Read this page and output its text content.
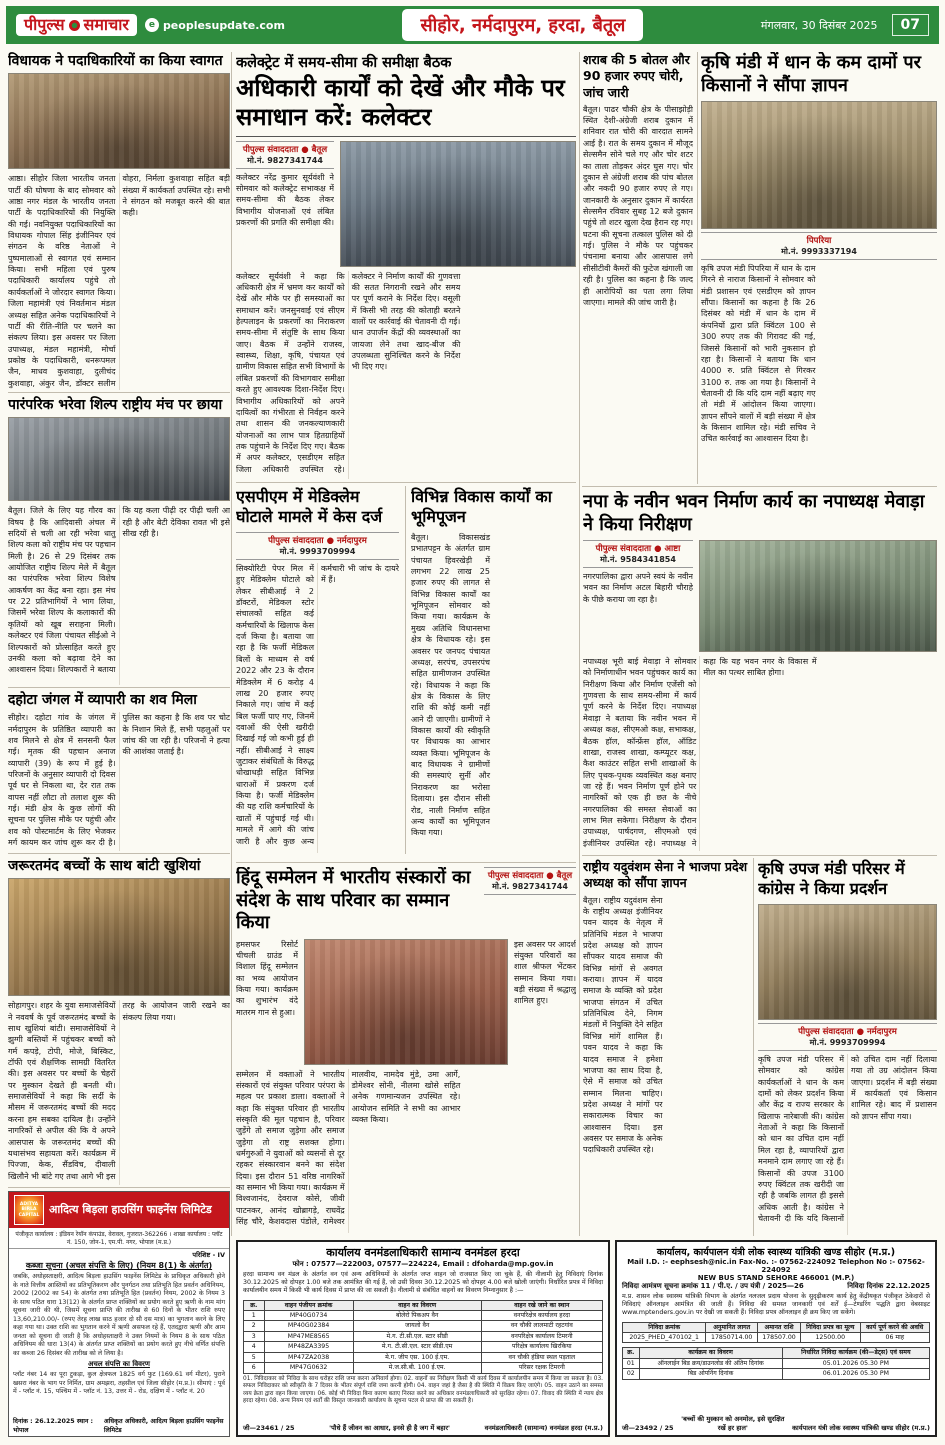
पीपुल्स समाचार	e peoplesupdate.com	सीहोर, नर्मदापुरम, हरदा, बैतूल	मंगलवार, 30 दिसंबर 2025	07
विधायक ने पदाधिकारियों का किया स्वागत
आष्ठा। सीहोर जिला भारतीय जनता पार्टी की घोषणा के बाद सोमवार को आष्ठा नगर मंडल के भारतीय जनता पार्टी के पदाधिकारियों की नियुक्ति की गई। नवनियुक्त पदाधिकारियों का विधायक गोपाल सिंह इंजीनियर एवं संगठन के वरिष्ठ नेताओं ने पुष्पमालाओं से स्वागत एवं सम्मान किया। सभी महिला एवं पुरुष पदाधिकारी कार्यालय पहुंचे तो कार्यकर्ताओं ने जोरदार स्वागत किया। जिला महामंत्री एवं निवर्तमान मंडल अध्यक्ष सहित अनेक पदाधिकारियों ने पार्टी की रीति-नीति पर चलने का संकल्प लिया। इस अवसर पर जिला उपाध्यक्ष, मंडल महामंत्री, मोर्चा प्रकोष्ठ के पदाधिकारी, धनरूपमल जैन, माधव कुशवाहा, दुलीचंद कुशवाहा, अंकुर जैन, डॉक्टर सलीम वोहरा, निर्मला कुशवाहा सहित बड़ी संख्या में कार्यकर्ता उपस्थित रहे। सभी ने संगठन को मजबूत करने की बात कही।
पारंपरिक भरेवा शिल्प राष्ट्रीय मंच पर छाया
बैतूल। जिले के लिए यह गौरव का विषय है कि आदिवासी अंचल में सदियों से चली आ रही भरेवा धातु शिल्प कला को राष्ट्रीय मंच पर पहचान मिली है। 26 से 29 दिसंबर तक आयोजित राष्ट्रीय शिल्प मेले में बैतूल का पारंपरिक भरेवा शिल्प विशेष आकर्षण का केंद्र बना रहा। इस मंच पर 22 प्रतिभागियों ने भाग लिया, जिसमें भरेवा शिल्प के कलाकारों की कृतियों को खूब सराहना मिली। कलेक्टर एवं जिला पंचायत सीईओ ने शिल्पकारों को प्रोत्साहित करते हुए उनकी कला को बढ़ावा देने का आश्वासन दिया। शिल्पकारों ने बताया कि यह कला पीढ़ी दर पीढ़ी चली आ रही है और बेटी देविका रावत भी इसे सीख रही है।
दहोटा जंगल में व्यापारी का शव मिला
सीहोर। दहोटा गांव के जंगल में नर्मदापुरम के प्रतिष्ठित व्यापारी का शव मिलने से क्षेत्र में सनसनी फैल गई। मृतक की पहचान अनाज व्यापारी (39) के रूप में हुई है। परिजनों के अनुसार व्यापारी दो दिवस पूर्व घर से निकला था, देर रात तक वापस नहीं लौटा तो तलाश शुरू की गई। मंडी क्षेत्र के कुछ लोगों की सूचना पर पुलिस मौके पर पहुंची और शव को पोस्टमार्टम के लिए भेजकर मर्ग कायम कर जांच शुरू कर दी है। पुलिस का कहना है कि शव पर चोट के निशान मिले हैं, सभी पहलुओं पर जांच की जा रही है। परिजनों ने हत्या की आशंका जताई है।
जरूरतमंद बच्चों के साथ बांटी खुशियां
सोहागपुर। शहर के युवा समाजसेवियों ने नववर्ष के पूर्व जरूरतमंद बच्चों के साथ खुशियां बांटी। समाजसेवियों ने झुग्गी बस्तियों में पहुंचकर बच्चों को गर्म कपड़े, टोपी, मोजे, बिस्किट, टॉफी एवं शैक्षणिक सामग्री वितरित की। इस अवसर पर बच्चों के चेहरों पर मुस्कान देखते ही बनती थी। समाजसेवियों ने कहा कि सर्दी के मौसम में जरूरतमंद बच्चों की मदद करना हम सबका दायित्व है। उन्होंने नागरिकों से अपील की कि वे अपने आसपास के जरूरतमंद बच्चों की यथासंभव सहायता करें। कार्यक्रम में पिज्जा, केक, सैंडविच, दीवाली खिलौने भी बांटे गए तथा आगे भी इस तरह के आयोजन जारी रखने का संकल्प लिया गया।
ADITYA BIRLA CAPITAL आदित्य बिड़ला हाउसिंग फाइनेंस लिमिटेड
पंजीकृत कार्यालय : इंडियन रेयॉन कंपाउंड, वेरावल, गुजरात-362266 । शाखा कार्यालय : प्लॉट नं. 150, जोन-1, एम.पी. नगर, भोपाल (म.प्र.)
परिशिष्ट - IV
कब्जा सूचना (अचल संपत्ति के लिए) (नियम 8(1) के अंतर्गत)

जबकि, अधोहस्ताक्षरी, आदित्य बिड़ला हाउसिंग फाइनेंस लिमिटेड के प्राधिकृत अधिकारी होने के नाते वित्तीय आस्तियों का प्रतिभूतिकरण और पुनर्गठन तथा प्रतिभूति हित प्रवर्तन अधिनियम, 2002 (2002 का 54) के अंतर्गत तथा प्रतिभूति हित (प्रवर्तन) नियम, 2002 के नियम 3 के साथ पठित धारा 13(12) के अंतर्गत प्राप्त शक्तियों का प्रयोग करते हुए ऋणी के नाम मांग सूचना जारी की थी, जिसमें सूचना प्राप्ति की तारीख से 60 दिनों के भीतर राशि रुपए 13,60,210.00/- (रुपए तेरह लाख साठ हजार दो सौ दस मात्र) का भुगतान करने के लिए कहा गया था। उक्त राशि का भुगतान करने में ऋणी असफल रहे हैं, एतदद्वारा ऋणी और आम जनता को सूचना दी जाती है कि अधोहस्ताक्षरी ने उक्त नियमों के नियम 8 के साथ पठित अधिनियम की धारा 13(4) के अंतर्गत प्राप्त शक्तियों का प्रयोग करते हुए नीचे वर्णित संपत्ति का कब्जा 26 दिसंबर की तारीख को ले लिया है।

अचल संपत्ति का विवरण

प्लॉट नंबर 14 का पूरा टुकड़ा, कुल क्षेत्रफल 1825 वर्ग फुट (169.61 वर्ग मीटर), पुराने खसरा नंबर के भाग पर निर्मित, ग्राम अमझरा, तहसील एवं जिला सीहोर (म.प्र.)। सीमाएं : पूर्व में - प्लॉट नं. 15, पश्चिम में - प्लॉट नं. 13, उत्तर में - रोड, दक्षिण में - प्लॉट नं. 20

दिनांक : 26.12.2025 स्थान : भोपाल
अधिकृत अधिकारी, आदित्य बिड़ला हाउसिंग फाइनेंस लिमिटेड
कलेक्ट्रेट में समय-सीमा की समीक्षा बैठक
अधिकारी कार्यों को देखें और मौके पर समाधान करें: कलेक्टर
पीपुल्स संवाददाता ● बैतूल
मो.नं. 9827341744
कलेक्टर नरेंद्र कुमार सूर्यवंशी ने सोमवार को कलेक्ट्रेट सभाकक्ष में समय-सीमा की बैठक लेकर विभागीय योजनाओं एवं लंबित प्रकरणों की प्रगति की समीक्षा की।
कलेक्टर सूर्यवंशी ने कहा कि अधिकारी क्षेत्र में भ्रमण कर कार्यों को देखें और मौके पर ही समस्याओं का समाधान करें। जनसुनवाई एवं सीएम हेल्पलाइन के प्रकरणों का निराकरण समय-सीमा में संतुष्टि के साथ किया जाए। बैठक में उन्होंने राजस्व, स्वास्थ्य, शिक्षा, कृषि, पंचायत एवं ग्रामीण विकास सहित सभी विभागों के लंबित प्रकरणों की विभागवार समीक्षा करते हुए आवश्यक दिशा-निर्देश दिए। विभागीय अधिकारियों को अपने दायित्वों का गंभीरता से निर्वहन करने तथा शासन की जनकल्याणकारी योजनाओं का लाभ पात्र हितग्राहियों तक पहुंचाने के निर्देश दिए गए। बैठक में अपर कलेक्टर, एसडीएम सहित जिला अधिकारी उपस्थित रहे। कलेक्टर ने निर्माण कार्यों की गुणवत्ता की सतत निगरानी रखने और समय पर पूर्ण कराने के निर्देश दिए। वसूली में किसी भी तरह की कोताही बरतने वालों पर कार्रवाई की चेतावनी दी गई। धान उपार्जन केंद्रों की व्यवस्थाओं का जायजा लेने तथा खाद-बीज की उपलब्धता सुनिश्चित करने के निर्देश भी दिए गए।
एसपीएम में मेडिक्लेम घोटाले मामले में केस दर्ज
पीपुल्स संवाददाता ● नर्मदापुरम
मो.नं. 9993709994
सिक्योरिटी पेपर मिल में हुए मेडिक्लेम घोटाले को लेकर सीबीआई ने 2 डॉक्टरों, मेडिकल स्टोर संचालकों सहित कई कर्मचारियों के खिलाफ केस दर्ज किया है। बताया जा रहा है कि फर्जी मेडिकल बिलों के माध्यम से वर्ष 2022 और 23 के दौरान मेडिक्लेम में 6 करोड़ 4 लाख 20 हजार रुपए निकाले गए। जांच में कई बिल फर्जी पाए गए, जिनमें दवाओं की ऐसी खरीदी दिखाई गई जो कभी हुई ही नहीं। सीबीआई ने साक्ष्य जुटाकर संबंधितों के विरुद्ध धोखाधड़ी सहित विभिन्न धाराओं में प्रकरण दर्ज किया है। फर्जी मेडिक्लेम की यह राशि कर्मचारियों के खातों में पहुंचाई गई थी। मामले में आगे की जांच जारी है और कुछ अन्य कर्मचारी भी जांच के दायरे में हैं।
विभिन्न विकास कार्यों का भूमिपूजन
बैतूल। विकासखंड प्रभातपट्टन के अंतर्गत ग्राम पंचायत हिवरखेड़ी में लगभग 22 लाख 25 हजार रुपए की लागत से विभिन्न विकास कार्यों का भूमिपूजन सोमवार को किया गया। कार्यक्रम के मुख्य अतिथि विधानसभा क्षेत्र के विधायक रहे। इस अवसर पर जनपद पंचायत अध्यक्ष, सरपंच, उपसरपंच सहित ग्रामीणजन उपस्थित रहे। विधायक ने कहा कि क्षेत्र के विकास के लिए राशि की कोई कमी नहीं आने दी जाएगी। ग्रामीणों ने विकास कार्यों की स्वीकृति पर विधायक का आभार व्यक्त किया। भूमिपूजन के बाद विधायक ने ग्रामीणों की समस्याएं सुनीं और निराकरण का भरोसा दिलाया। इस दौरान सीसी रोड, नाली निर्माण सहित अन्य कार्यों का भूमिपूजन किया गया।
हिंदू सम्मेलन में भारतीय संस्कारों का संदेश के साथ परिवार का सम्मान किया
पीपुल्स संवाददाता ● बैतूल
मो.नं. 9827341744
हमसफर रिसोर्ट चीचली ग्राउंड में विशाल हिंदू सम्मेलन का भव्य आयोजन किया गया। कार्यक्रम का शुभारंभ वंदे मातरम गान से हुआ।
इस अवसर पर आदर्श संयुक्त परिवारों का शाल श्रीफल भेंटकर सम्मान किया गया। बड़ी संख्या में श्रद्धालु शामिल हुए।
सम्मेलन में वक्ताओं ने भारतीय संस्कारों एवं संयुक्त परिवार परंपरा के महत्व पर प्रकाश डाला। वक्ताओं ने कहा कि संयुक्त परिवार ही भारतीय संस्कृति की मूल पहचान है, परिवार जुड़ेंगे तो समाज जुड़ेगा और समाज जुड़ेगा तो राष्ट्र सशक्त होगा। धर्मगुरुओं ने युवाओं को व्यसनों से दूर रहकर संस्कारवान बनने का संदेश दिया। इस दौरान 51 वरिष्ठ नागरिकों का सम्मान भी किया गया। कार्यक्रम में विश्वजानंद, देवराज कोसे, जीवी पाटनकर, आनंद खोब्रागड़े, राघवेंद्र सिंह चौरे, केशवदास पंडोले, रामेश्वर मालवीय, नामदेव मुंडे, उमा आर्गे, डोमेश्वर सोनी, नीलमा खोसे सहित अनेक गणमान्यजन उपस्थित रहे। आयोजन समिति ने सभी का आभार व्यक्त किया।
शराब की 5 बोतल और 90 हजार रुपए चोरी, जांच जारी
बैतूल। पाढर चौकी क्षेत्र के पीसाझोड़ी स्थित देशी-अंग्रेजी शराब दुकान में शनिवार रात चोरी की वारदात सामने आई है। रात के समय दुकान में मौजूद सेल्समैन सोने चले गए और चोर शटर का ताला तोड़कर अंदर घुस गए। चोर दुकान से अंग्रेजी शराब की पांच बोतल और नकदी 90 हजार रुपए ले गए। जानकारी के अनुसार दुकान में कार्यरत सेल्समैन रविवार सुबह 12 बजे दुकान पहुंचे तो शटर खुला देख हैरान रह गए। घटना की सूचना तत्काल पुलिस को दी गई। पुलिस ने मौके पर पहुंचकर पंचनामा बनाया और आसपास लगे सीसीटीवी कैमरों की फुटेज खंगाली जा रही है। पुलिस का कहना है कि जल्द ही आरोपियों का पता लगा लिया जाएगा। मामले की जांच जारी है।
कृषि मंडी में धान के कम दामों पर किसानों ने सौंपा ज्ञापन
पिपरिया
मो.नं. 9993337194
कृषि उपज मंडी पिपरिया में धान के दाम गिरने से नाराज किसानों ने सोमवार को मंडी प्रशासन एवं एसडीएम को ज्ञापन सौंपा। किसानों का कहना है कि 26 दिसंबर को मंडी में धान के दाम में कंपनियों द्वारा प्रति क्विंटल 100 से 300 रुपए तक की गिरावट की गई, जिससे किसानों को भारी नुकसान हो रहा है। किसानों ने बताया कि धान 4000 रु. प्रति क्विंटल से गिरकर 3100 रु. तक आ गया है। किसानों ने चेतावनी दी कि यदि दाम नहीं बढ़ाए गए तो मंडी में आंदोलन किया जाएगा। ज्ञापन सौंपने वालों में बड़ी संख्या में क्षेत्र के किसान शामिल रहे। मंडी सचिव ने उचित कार्रवाई का आश्वासन दिया है।
नपा के नवीन भवन निर्माण कार्य का नपाध्यक्ष मेवाड़ा ने किया निरीक्षण
पीपुल्स संवाददाता ● आष्टा
मो.नं. 9584341854
नगरपालिका द्वारा अपने स्वयं के नवीन भवन का निर्माण अटल बिहारी चौराहे के पीछे कराया जा रहा है।
नपाध्यक्ष भूरी बाई मेवाड़ा ने सोमवार को निर्माणाधीन भवन पहुंचकर कार्य का निरीक्षण किया और निर्माण एजेंसी को गुणवत्ता के साथ समय-सीमा में कार्य पूर्ण करने के निर्देश दिए। नपाध्यक्ष मेवाड़ा ने बताया कि नवीन भवन में अध्यक्ष कक्ष, सीएमओ कक्ष, सभाकक्ष, बैठक हॉल, कॉन्फ्रेंस हॉल, ऑडिट शाखा, राजस्व शाखा, कम्प्यूटर कक्ष, कैश काउंटर सहित सभी शाखाओं के लिए पृथक-पृथक व्यवस्थित कक्ष बनाए जा रहे हैं। भवन निर्माण पूर्ण होने पर नागरिकों को एक ही छत के नीचे नगरपालिका की समस्त सेवाओं का लाभ मिल सकेगा। निरीक्षण के दौरान उपाध्यक्ष, पार्षदगण, सीएमओ एवं इंजीनियर उपस्थित रहे। नपाध्यक्ष ने कहा कि यह भवन नगर के विकास में मील का पत्थर साबित होगा।
राष्ट्रीय यदुवंशम सेना ने भाजपा प्रदेश अध्यक्ष को सौंपा ज्ञापन
बैतूल। राष्ट्रीय यदुवंशम सेना के राष्ट्रीय अध्यक्ष इंजीनियर पवन यादव के नेतृत्व में प्रतिनिधि मंडल ने भाजपा प्रदेश अध्यक्ष को ज्ञापन सौंपकर यादव समाज की विभिन्न मांगों से अवगत कराया। ज्ञापन में यादव समाज के व्यक्ति को प्रदेश भाजपा संगठन में उचित प्रतिनिधित्व देने, निगम मंडलों में नियुक्ति देने सहित विभिन्न मांगें शामिल हैं। पवन यादव ने कहा कि यादव समाज ने हमेशा भाजपा का साथ दिया है, ऐसे में समाज को उचित सम्मान मिलना चाहिए। प्रदेश अध्यक्ष ने मांगों पर सकारात्मक विचार का आश्वासन दिया। इस अवसर पर समाज के अनेक पदाधिकारी उपस्थित रहे।
कृषि उपज मंडी परिसर में कांग्रेस ने किया प्रदर्शन
पीपुल्स संवाददाता ● नर्मदापुरम
मो.नं. 9993709994
कृषि उपज मंडी परिसर में सोमवार को कांग्रेस कार्यकर्ताओं ने धान के कम दामों को लेकर प्रदर्शन किया और केंद्र व राज्य सरकार के खिलाफ नारेबाजी की। कांग्रेस नेताओं ने कहा कि किसानों को धान का उचित दाम नहीं मिल रहा है, व्यापारियों द्वारा मनमाने दाम लगाए जा रहे हैं। किसानों की उपज 3100 रुपए क्विंटल तक खरीदी जा रही है जबकि लागत ही इससे अधिक आती है। कांग्रेस ने चेतावनी दी कि यदि किसानों को उचित दाम नहीं दिलाया गया तो उग्र आंदोलन किया जाएगा। प्रदर्शन में बड़ी संख्या में कार्यकर्ता एवं किसान शामिल रहे। बाद में प्रशासन को ज्ञापन सौंपा गया।
कार्यालय वनमंडलाधिकारी सामान्य वनमंडल हरदा
फोन : 07577—222003, 07577—224224, Email : dfoharda@mp.gov.in

हरदा सामान्य वन मंडल के अंतर्गत वन एवं अन्य अधिनियमों के अंतर्गत जप्त वाहन जो राजसात किए जा चुके हैं, की नीलामी हेतु निविदाएं दिनांक 30.12.2025 को दोपहर 1.00 बजे तक आमंत्रित की गई हैं, जो उसी दिवस 30.12.2025 को दोपहर 4.00 बजे खोली जाएंगी। निर्धारित प्रपत्र में निविदा कार्यालयीन समय में किसी भी कार्य दिवस में प्राप्त की जा सकती है। नीलामी से संबंधित वाहनों का विवरण निम्नानुसार है :—

क्र.	वाहन पंजीयन क्रमांक	वाहन का विवरण	वाहन रखे जाने का स्थान
1	MP40G0734	बोलेरो पिकअप वैन	वनपरिक्षेत्र कार्यालय हरदा
2	MP40G02384	जायलो वैन	वन चौकी लालमाटी रहटगांव
3	MP47ME8565	मे.ग. टी.सी.एल. स्टार सीडी	वनपरिक्षेत्र कार्यालय टिमरनी
4	MP48ZA3395	मे.ग. टी.सी.एल. स्टार सीडी.एम	परिक्षेत्र कार्यालय खिरकिया
5	MP47ZA2038	मे.ग. जीप एस. 100 ई.एम.	वन चौकी हंडिया स्थल पड़ताल
6	MP47G0632	मे.ज.सी.बी. 100 ई.एम.	परिसर रक्षक टिमरनी

01. निविदाकार को निविदा के साथ धरोहर राशि जमा करना अनिवार्य होगा। 02. वाहनों का निरीक्षण किसी भी कार्य दिवस में कार्यालयीन समय में किया जा सकता है। 03. सफल निविदाकार को स्वीकृति के 7 दिवस के भीतर संपूर्ण राशि जमा करनी होगी। 04. वाहन जहां है जैसा है की स्थिति में विक्रय किए जाएंगे। 05. वाहन उठाने का समस्त व्यय क्रेता द्वारा वहन किया जाएगा। 06. कोई भी निविदा बिना कारण बताए निरस्त करने का अधिकार वनमंडलाधिकारी को सुरक्षित रहेगा। 07. विवाद की स्थिति में न्याय क्षेत्र हरदा रहेगा। 08. अन्य नियम एवं शर्तों की विस्तृत जानकारी कार्यालय के सूचना पटल से प्राप्त की जा सकती है।

जी—23461 / 25	'पौधे हैं जीवन का आधार, इनसे ही है जग में बहार'	वनमंडलाधिकारी (सामान्य) वनमंडल हरदा (म.प्र.)
कार्यालय, कार्यपालन यंत्री लोक स्वास्थ्य यांत्रिकी खण्ड सीहोर (म.प्र.)
Mail I.D. :- eephsesh@nic.in Fax-No. :- 07562-224092 Telephon No :- 07562-224092
NEW BUS STAND SEHORE 466001 (M.P.)
निविदा आमंत्रण सूचना क्रमांक 11 / पी.ए. / उप यंत्री / 2025—26	निविदा दिनांक 22.12.2025

म.प्र. शासन लोक स्वास्थ्य यांत्रिकी विभाग के अंतर्गत नलजल प्रदाय योजना के सुदृढ़ीकरण कार्य हेतु केंद्रीयकृत पंजीकृत ठेकेदारों से निविदाएं ऑनलाइन आमंत्रित की जाती हैं। निविदा की समस्त जानकारी एवं शर्तें ई—टेण्डरिंग पद्धति द्वारा वेबसाइट www.mptenders.gov.in पर देखी जा सकती हैं। निविदा प्रपत्र ऑनलाइन ही क्रय किए जा सकेंगे।

निविदा क्रमांक	अनुमानित लागत	अमानत राशि	निविदा प्रपत्र का मूल्य	कार्य पूर्ण करने की अवधि
2025_PHED_470102_1	17850714.00	178507.00	12500.00	06 माह
क्र.	कार्यक्रम का विवरण	निर्धारित निविदा कार्यक्रम (की—डेट्स) एवं समय
01	ऑनलाईन बिड क्रय/डाउनलोड की अंतिम दिनांक	05.01.2026 05.30 PM
02	बिड ओपनिंग दिनांक	06.01.2026 05.30 PM
जी—23492 / 25
'बच्चों की मुस्कान को अनमोल, इसे सुरक्षित रखें हर हाल'	कार्यपालन यंत्री लोक स्वास्थ्य यांत्रिकी खण्ड सीहोर (म.प्र.)
